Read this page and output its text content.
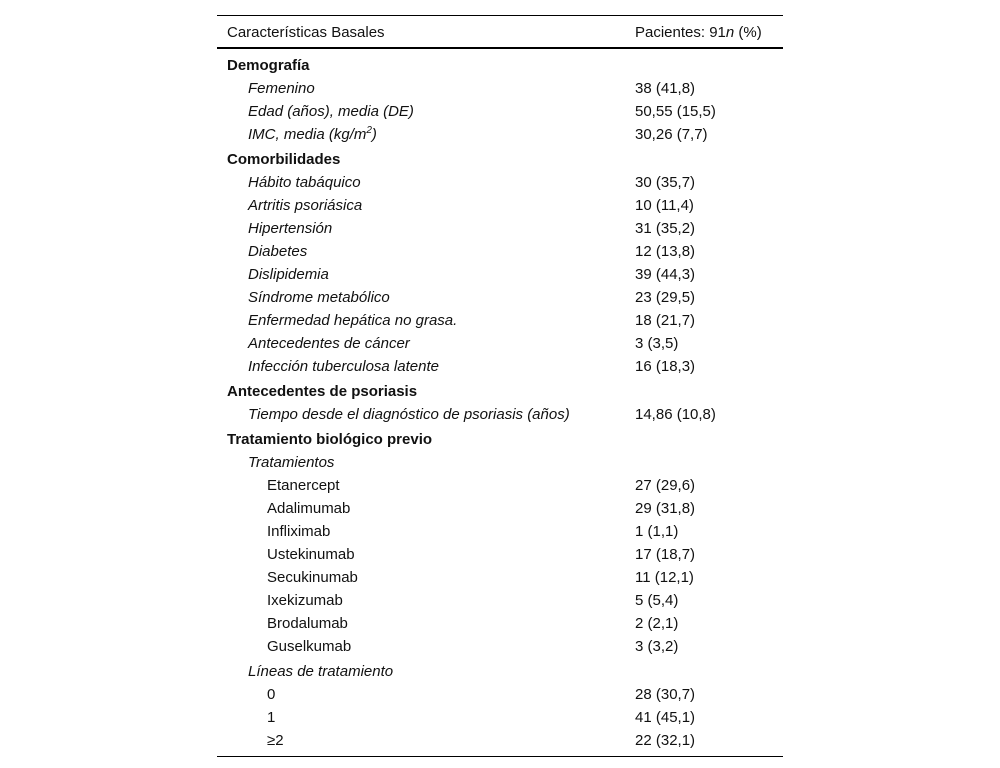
Características Basales	Pacientes: 91n (%)
Demografía
Femenino	38 (41,8)
Edad (años), media (DE)	50,55 (15,5)
IMC, media $(kg/m^2)$	30,26 (7,7)
Comorbilidades
Hábito tabáquico	30 (35,7)
Artritis psoriásica	10 (11,4)
Hipertensión	31 (35,2)
Diabetes	12 (13,8)
Dislipidemia	39 (44,3)
Síndrome metabólico	23 (29,5)
Enfermedad hepática no grasa.	18 (21,7)
Antecedentes de cáncer	3 (3,5)
Infección tuberculosa latente	16 (18,3)
Antecedentes de psoriasis
Tiempo desde el diagnóstico de psoriasis (años)	14,86 (10,8)
Tratamiento biológico previo
Tratamientos
Etanercept	27 (29,6)
Adalimumab	29 (31,8)
Infliximab	1 (1,1)
Ustekinumab	17 (18,7)
Secukinumab	11 (12,1)
Ixekizumab	5 (5,4)
Brodalumab	2 (2,1)
Guselkumab	3 (3,2)
Líneas de tratamiento
0	28 (30,7)
1	41 (45,1)
≥2	22 (32,1)
